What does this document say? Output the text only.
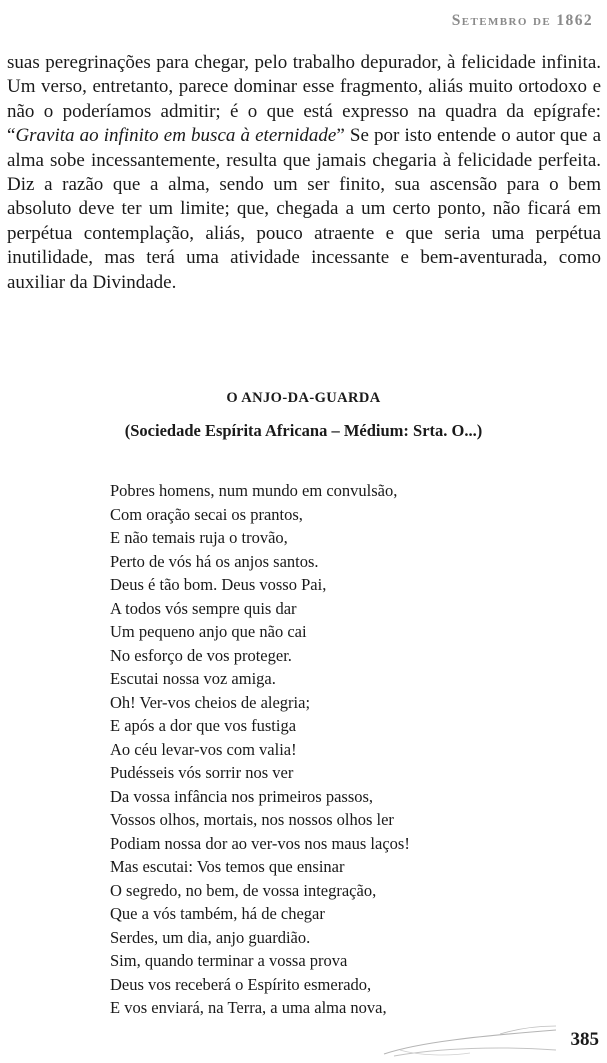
Setembro de 1862

suas peregrinações para chegar, pelo trabalho depurador, à felicidade infinita. Um verso, entretanto, parece dominar esse fragmento, aliás muito ortodoxo e não o poderíamos admitir; é o que está expresso na quadra da epígrafe: “Gravita ao infinito em busca à eternidade” Se por isto entende o autor que a alma sobe incessantemente, resulta que jamais chegaria à felicidade perfeita. Diz a razão que a alma, sendo um ser finito, sua ascensão para o bem absoluto deve ter um limite; que, chegada a um certo ponto, não ficará em perpétua contemplação, aliás, pouco atraente e que seria uma perpétua inutilidade, mas terá uma atividade incessante e bem-aventurada, como auxiliar da Divindade.

O ANJO-DA-GUARDA
(Sociedade Espírita Africana – Médium: Srta. O...)
Pobres homens, num mundo em convulsão,
Com oração secai os prantos,
E não temais ruja o trovão,
Perto de vós há os anjos santos.
Deus é tão bom. Deus vosso Pai,
A todos vós sempre quis dar
Um pequeno anjo que não cai
No esforço de vos proteger.
Escutai nossa voz amiga.
Oh! Ver-vos cheios de alegria;
E após a dor que vos fustiga
Ao céu levar-vos com valia!
Pudésseis vós sorrir nos ver
Da vossa infância nos primeiros passos,
Vossos olhos, mortais, nos nossos olhos ler
Podiam nossa dor ao ver-vos nos maus laços!
Mas escutai: Vos temos que ensinar
O segredo, no bem, de vossa integração,
Que a vós também, há de chegar
Serdes, um dia, anjo guardião.
Sim, quando terminar a vossa prova
Deus vos receberá o Espírito esmerado,
E vos enviará, na Terra, a uma alma nova,
385
